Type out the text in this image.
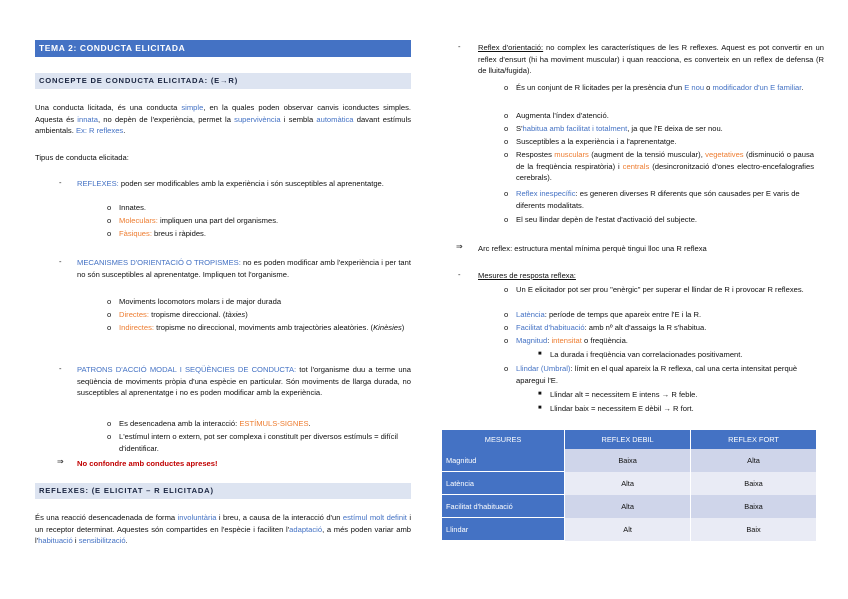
TEMA 2: CONDUCTA ELICITADA
CONCEPTE DE CONDUCTA ELICITADA: (E→R)
Una conducta licitada, és una conducta simple, en la quales poden observar canvis iconductes simples. Aquesta és innata, no depèn de l'experiència, permet la supervivència i sembla automàtica davant estímuls ambientals. Ex: R reflexes.
Tipus de conducta elicitada:
- REFLEXES: poden ser modificables amb la experiència i són susceptibles al aprenentatge.
o Innates.
o Moleculars: impliquen una part del organismes.
o Fàsiques: breus i ràpides.
- MECANISMES D'ORIENTACIÓ O TROPISMES: no es poden modificar amb l'experiència i per tant no són susceptibles al aprenentatge. Impliquen tot l'organisme.
o Moviments locomotors molars i de major durada
o Directes: tropisme direccional. (tàxies)
o Indirectes: tropisme no direccional, moviments amb trajectòries aleatòries. (Kinèsies)
- PATRONS D'ACCIÓ MODAL I SEQÜÈNCIES DE CONDUCTA: tot l'organisme duu a terme una seqüència de moviments pròpia d'una espècie en particular. Són moviments de llarga durada, no susceptibles al aprenentatge i no es poden modificar amb la experiència.
o Es desencadena amb la interacció: ESTÍMULS-SIGNES.
o L'estímul intern o extern, pot ser complexa i constituït per diversos estímuls = difícil d'identificar.
⇒ No confondre amb conductes apreses!
REFLEXES: (E ELICITAT – R ELICITADA)
És una reacció desencadenada de forma involuntària i breu, a causa de la interacció d'un estímul molt definit i un receptor determinat. Aquestes són compartides en l'espècie i faciliten l'adaptació, a més poden variar amb l'habituació i sensibilització.
- Reflex d'orientació: no complex les característiques de les R reflexes. Aquest es pot convertir en un reflex d'ensurt (hi ha moviment muscular) i quan reacciona, es converteix en un reflex de defensa (R de lluita/fugida).
o És un conjunt de R licitades per la presència d'un E nou o modificador d'un E familiar.
o Augmenta l'índex d'atenció.
o S'habitua amb facilitat i totalment, ja que l'E deixa de ser nou.
o Susceptibles a la experiència i a l'aprenentatge.
o Respostes musculars (augment de la tensió muscular), vegetatives (disminució o pausa de la freqüència respiratòria) i centrals (desincronització d'ones electro-encefalografies cerebrals).
o Reflex inespecífic: es generen diverses R diferents que són causades per E varis de diferents modalitats.
o El seu llindar depèn de l'estat d'activació del subjecte.
⇒ Arc reflex: estructura mental mínima perquè tingui lloc una R reflexa
- Mesures de resposta reflexa:
o Un E elicitador pot ser prou "enèrgic" per superar el llindar de R i provocar R reflexes.
o Latència: període de temps que apareix entre l'E i la R.
o Facilitat d'habituació: amb nº alt d'assaigs la R s'habitua.
o Magnitud: intensitat o freqüència.
■ La durada i freqüència van correlacionades positivament.
o Llindar (Umbral): límit en el qual apareix la R reflexa, cal una certa intensitat perquè aparegui l'E.
■ Llindar alt = necessitem E intens → R feble.
■ Llindar baix = necessitem E dèbil → R fort.
MESURES	REFLEX DEBIL	REFLEX FORT
Magnitud	Baixa	Alta
Latència	Alta	Baixa
Facilitat d'habituació	Alta	Baixa
Llindar	Alt	Baix
